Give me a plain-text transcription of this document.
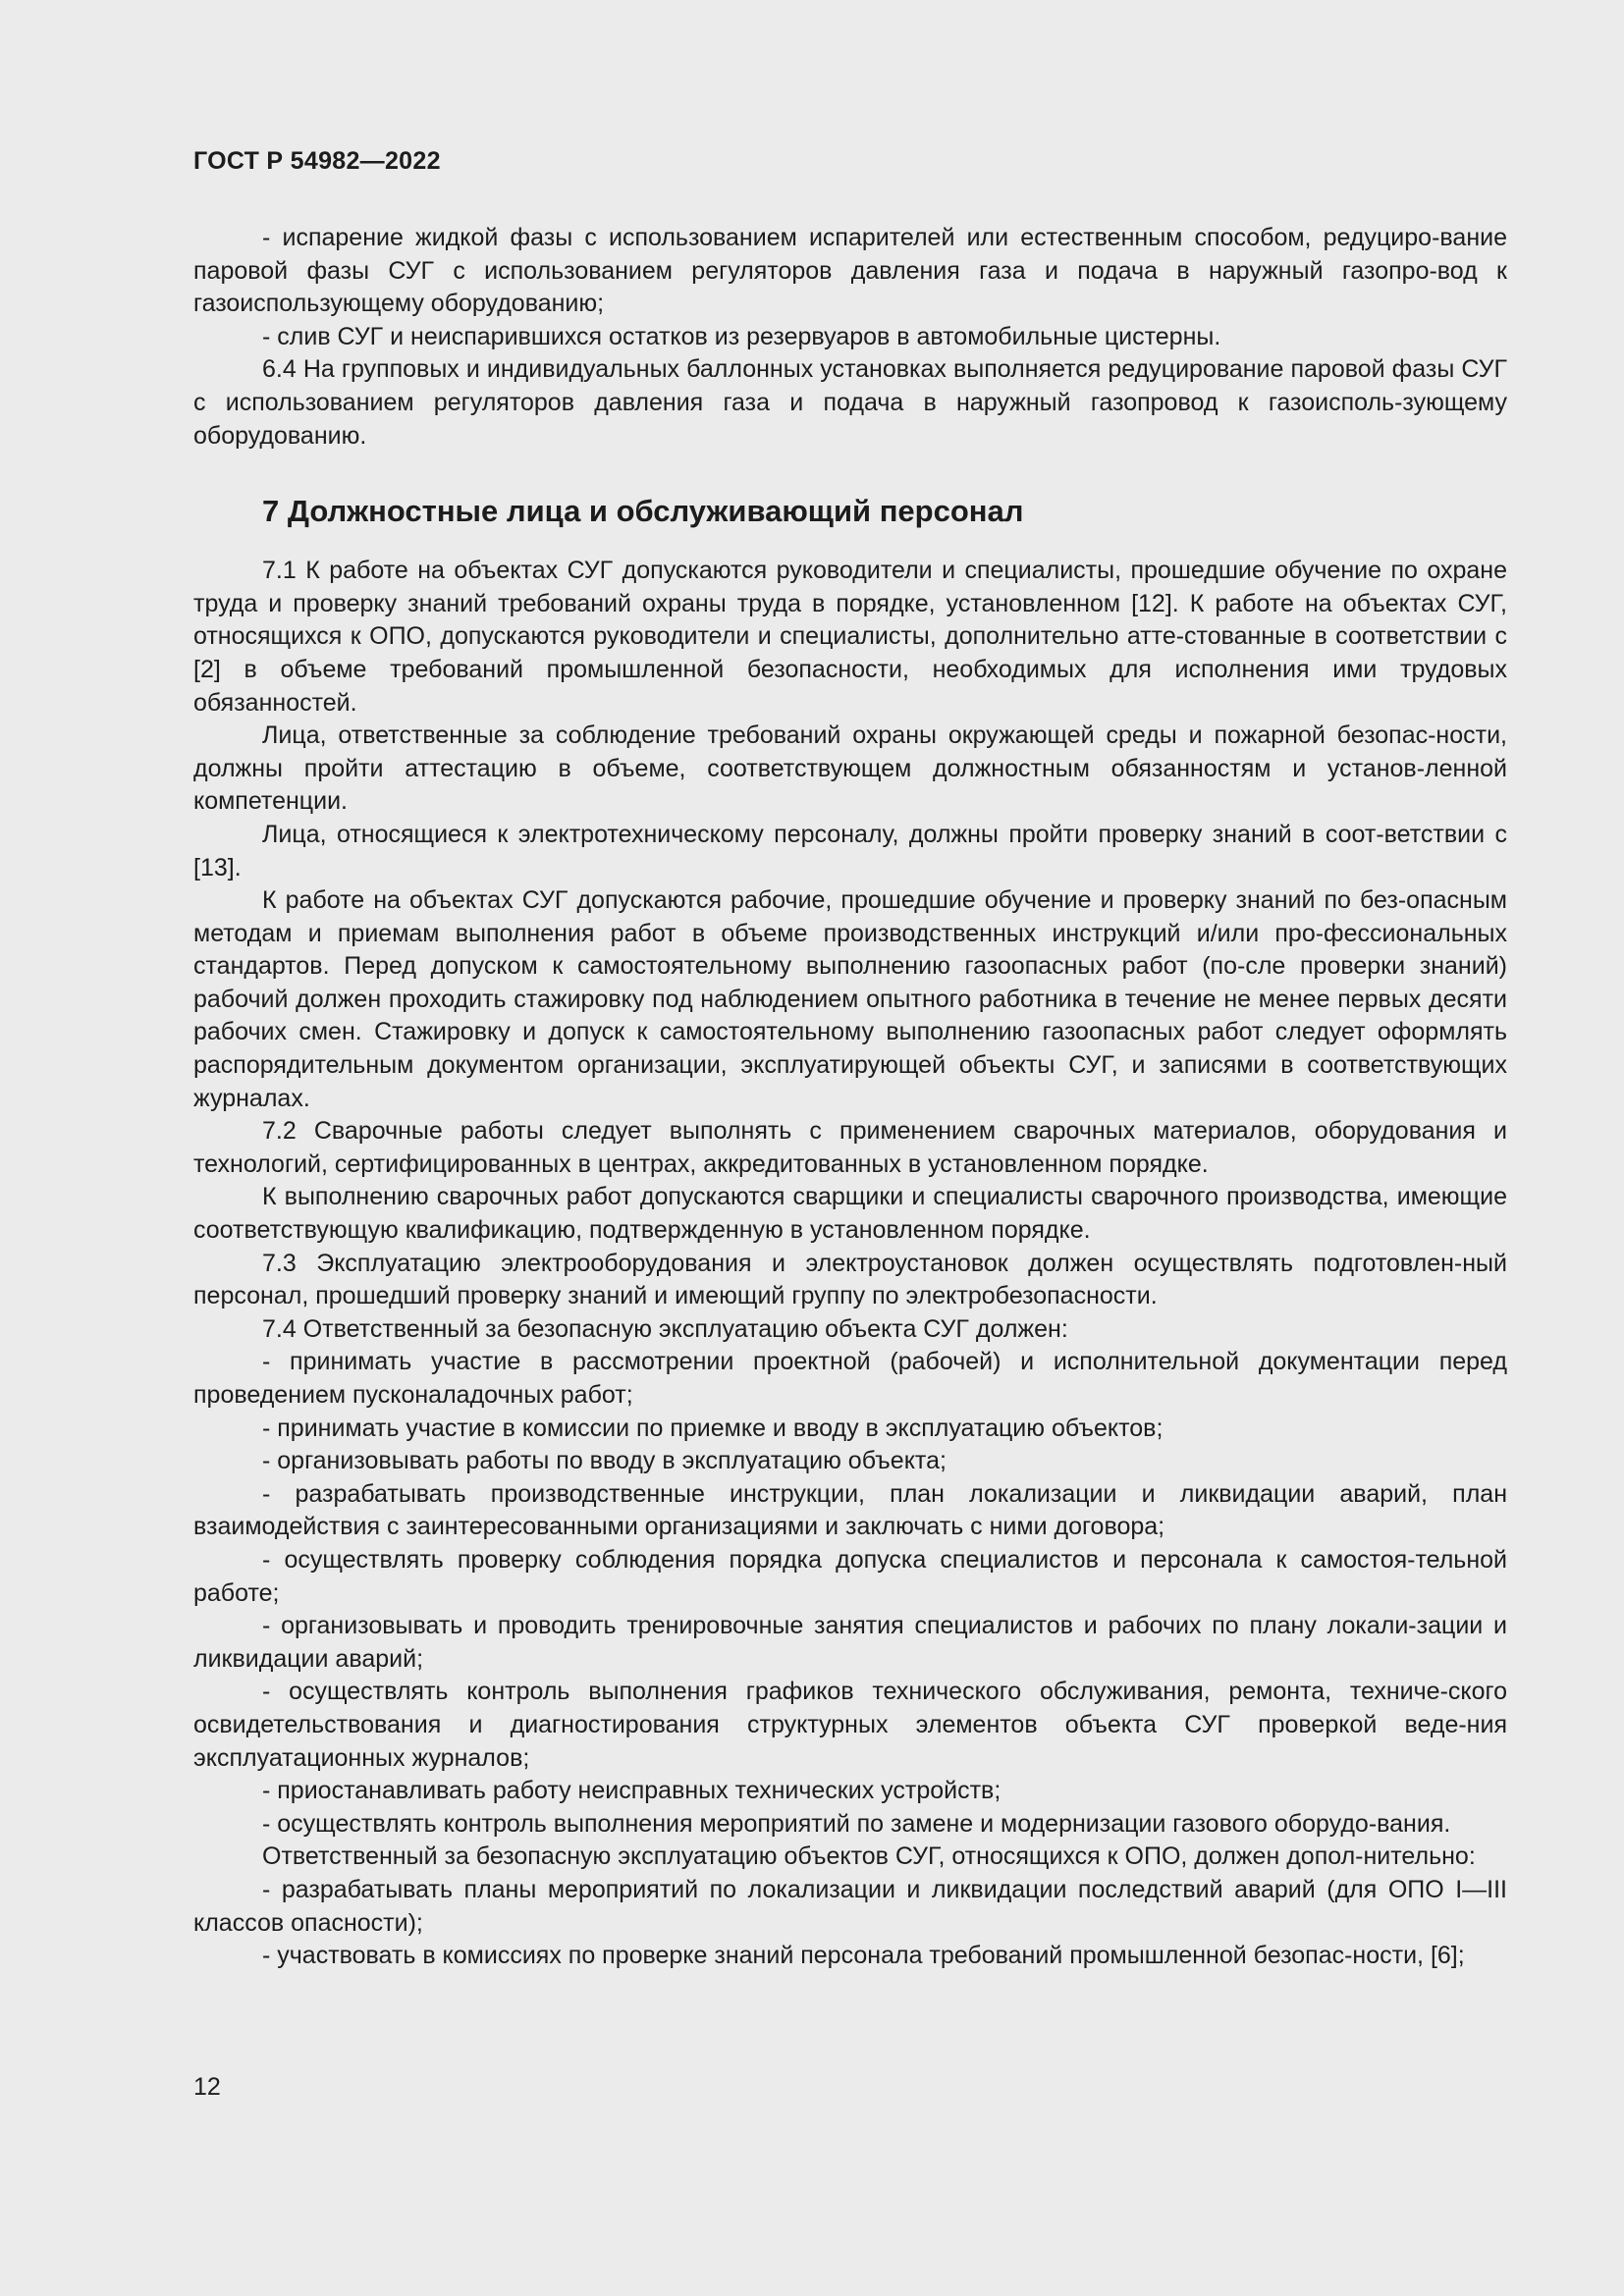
ГОСТ Р 54982—2022

- испарение жидкой фазы с использованием испарителей или естественным способом, редуциро-вание паровой фазы СУГ с использованием регуляторов давления газа и подача в наружный газопро-вод к газоиспользующему оборудованию;

- слив СУГ и неиспарившихся остатков из резервуаров в автомобильные цистерны.

6.4 На групповых и индивидуальных баллонных установках выполняется редуцирование паровой фазы СУГ с использованием регуляторов давления газа и подача в наружный газопровод к газоисполь-зующему оборудованию.

7 Должностные лица и обслуживающий персонал

7.1 К работе на объектах СУГ допускаются руководители и специалисты, прошедшие обучение по охране труда и проверку знаний требований охраны труда в порядке, установленном [12]. К работе на объектах СУГ, относящихся к ОПО, допускаются руководители и специалисты, дополнительно атте-стованные в соответствии с [2] в объеме требований промышленной безопасности, необходимых для исполнения ими трудовых обязанностей.

Лица, ответственные за соблюдение требований охраны окружающей среды и пожарной безопас-ности, должны пройти аттестацию в объеме, соответствующем должностным обязанностям и установ-ленной компетенции.

Лица, относящиеся к электротехническому персоналу, должны пройти проверку знаний в соот-ветствии с [13].

К работе на объектах СУГ допускаются рабочие, прошедшие обучение и проверку знаний по без-опасным методам и приемам выполнения работ в объеме производственных инструкций и/или про-фессиональных стандартов. Перед допуском к самостоятельному выполнению газоопасных работ (по-сле проверки знаний) рабочий должен проходить стажировку под наблюдением опытного работника в течение не менее первых десяти рабочих смен. Стажировку и допуск к самостоятельному выполнению газоопасных работ следует оформлять распорядительным документом организации, эксплуатирующей объекты СУГ, и записями в соответствующих журналах.

7.2 Сварочные работы следует выполнять с применением сварочных материалов, оборудования и технологий, сертифицированных в центрах, аккредитованных в установленном порядке.

К выполнению сварочных работ допускаются сварщики и специалисты сварочного производства, имеющие соответствующую квалификацию, подтвержденную в установленном порядке.

7.3 Эксплуатацию электрооборудования и электроустановок должен осуществлять подготовлен-ный персонал, прошедший проверку знаний и имеющий группу по электробезопасности.

7.4 Ответственный за безопасную эксплуатацию объекта СУГ должен:

- принимать участие в рассмотрении проектной (рабочей) и исполнительной документации перед проведением пусконаладочных работ;

- принимать участие в комиссии по приемке и вводу в эксплуатацию объектов;

- организовывать работы по вводу в эксплуатацию объекта;

- разрабатывать производственные инструкции, план локализации и ликвидации аварий, план взаимодействия с заинтересованными организациями и заключать с ними договора;

- осуществлять проверку соблюдения порядка допуска специалистов и персонала к самостоя-тельной работе;

- организовывать и проводить тренировочные занятия специалистов и рабочих по плану локали-зации и ликвидации аварий;

- осуществлять контроль выполнения графиков технического обслуживания, ремонта, техниче-ского освидетельствования и диагностирования структурных элементов объекта СУГ проверкой веде-ния эксплуатационных журналов;

- приостанавливать работу неисправных технических устройств;

- осуществлять контроль выполнения мероприятий по замене и модернизации газового оборудо-вания.

Ответственный за безопасную эксплуатацию объектов СУГ, относящихся к ОПО, должен допол-нительно:

- разрабатывать планы мероприятий по локализации и ликвидации последствий аварий (для ОПО I—III классов опасности);

- участвовать в комиссиях по проверке знаний персонала требований промышленной безопас-ности, [6];

12
